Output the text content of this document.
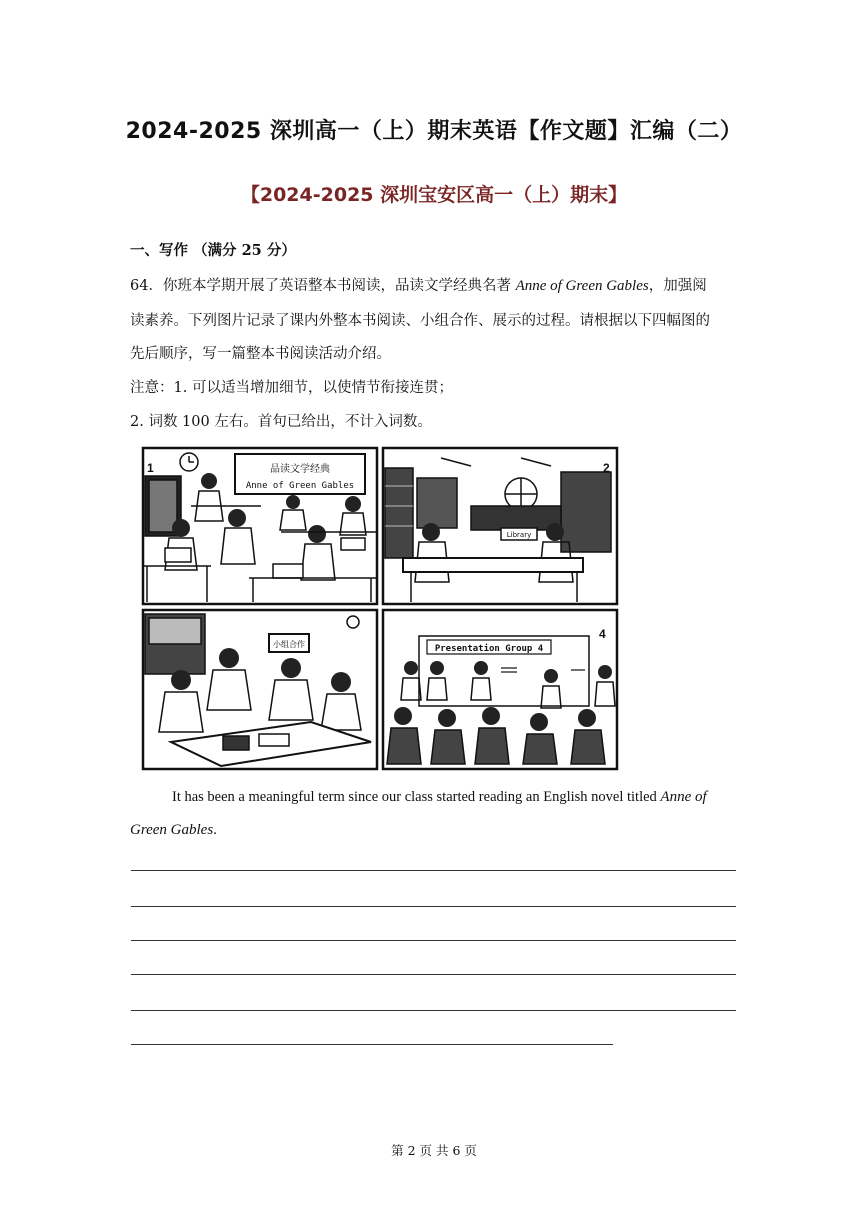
2024-2025 深圳高一（上）期末英语【作文题】汇编（二）
【2024-2025 深圳宝安区高一（上）期末】
一、写作 （满分 25 分）
64．你班本学期开展了英语整本书阅读，品读文学经典名著 Anne of Green Gables，加强阅
读素养。下列图片记录了课内外整本书阅读、小组合作、展示的过程。请根据以下四幅图的
先后顺序，写一篇整本书阅读活动介绍。
注意：1. 可以适当增加细节，以使情节衔接连贯；
2. 词数 100 左右。首句已给出，不计入词数。
1	品读文学经典
Anne of Green Gables
2
Library
小组合作	Presentation Group 4
4
It has been a meaningful term since our class started reading an English novel titled Anne of
Green Gables.
第 2 页 共 6 页
